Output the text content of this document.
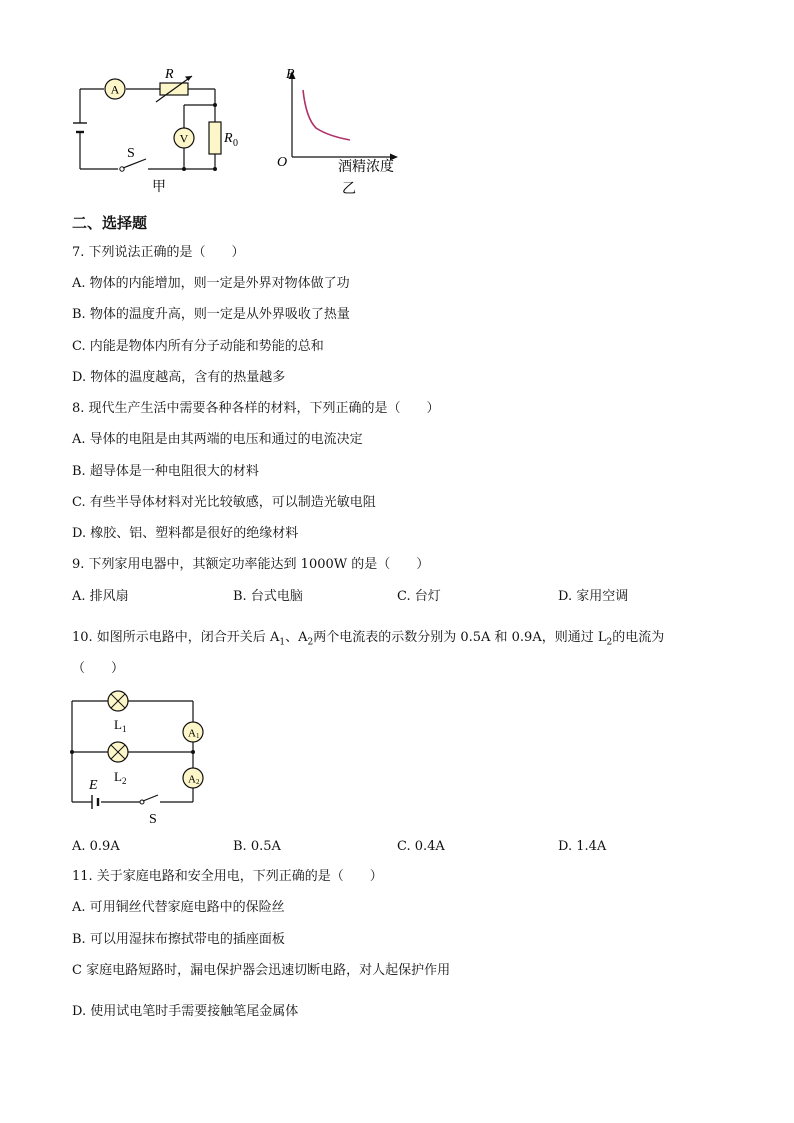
A
R
V	R 0
S
甲
R
O	酒精浓度
乙
二、选择题
7. 下列说法正确的是（　　）
A. 物体的内能增加，则一定是外界对物体做了功
B. 物体的温度升高，则一定是从外界吸收了热量
C. 内能是物体内所有分子动能和势能的总和
D. 物体的温度越高，含有的热量越多
8. 现代生产生活中需要各种各样的材料，下列正确的是（　　）
A. 导体的电阻是由其两端的电压和通过的电流决定
B. 超导体是一种电阻很大的材料
C. 有些半导体材料对光比较敏感，可以制造光敏电阻
D. 橡胶、铝、塑料都是很好的绝缘材料
9. 下列家用电器中，其额定功率能达到 1000W 的是（　　）
A. 排风扇	B. 台式电脑	C. 台灯	D. 家用空调
10. 如图所示电路中，闭合开关后 $A_1$、$A_2$两个电流表的示数分别为 0.5A 和 0.9A，则通过 $L_2$的电流为
（　　）
L 1
L 2
A 1
A 2
E
S
A. 0.9A	B. 0.5A	C. 0.4A	D. 1.4A
11. 关于家庭电路和安全用电，下列正确的是（　　）
A. 可用铜丝代替家庭电路中的保险丝
B. 可以用湿抹布擦拭带电的插座面板
C 家庭电路短路时，漏电保护器会迅速切断电路，对人起保护作用
D. 使用试电笔时手需要接触笔尾金属体
